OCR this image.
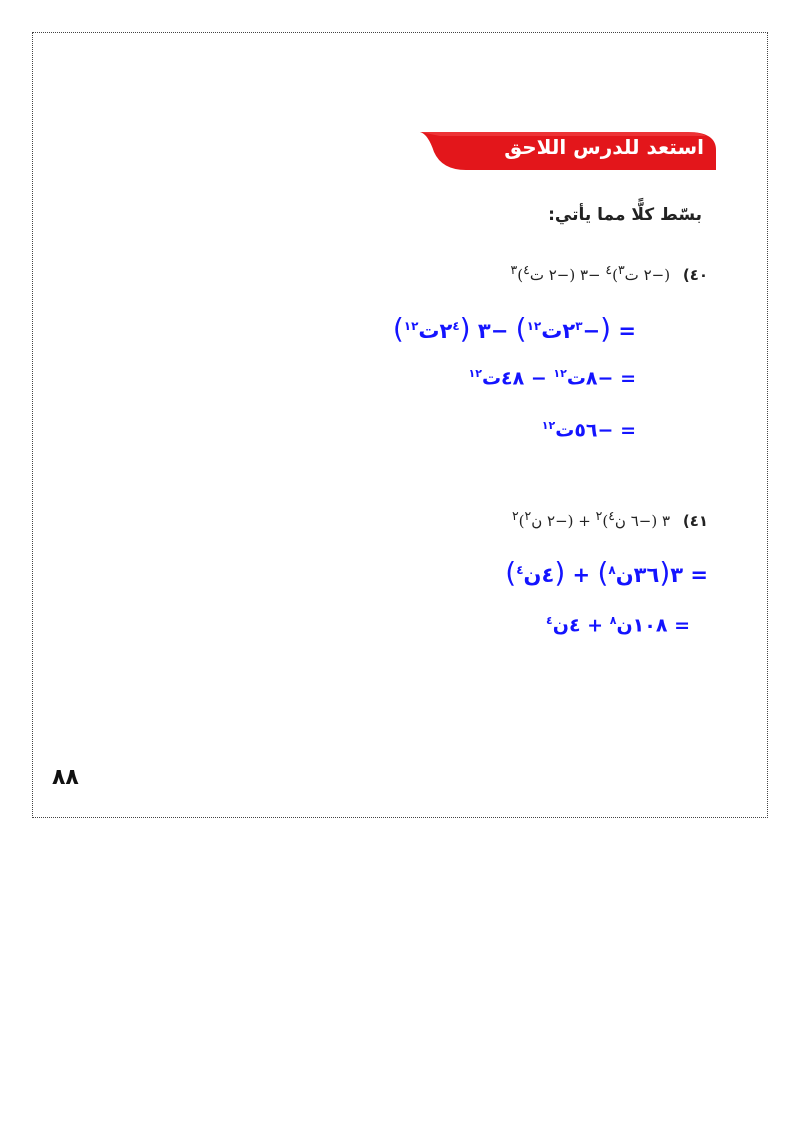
استعد للدرس اللاحق
بسّط كلًّا مما يأتي:
٤٠) (−٢ ت$^٣$)$^٤$ −٣ (−٢ ت$^٤$)$^٣$
= $(-٢^٣ت^{١٢})$ −٣ $(٢^٤ت^{١٢})$
= −٨ت$^{١٢}$ − ٤٨ت$^{١٢}$
= −٥٦ت$^{١٢}$
٤١) ٣ (−٦ ن$^٤$)$^٢$ + (−٢ ن$^٢$)$^٢$
= ٣(٣٦ن$^٨$) + (٤ن$^٤$)
= ١٠٨ن$^٨$ + ٤ن$^٤$
٨٨
